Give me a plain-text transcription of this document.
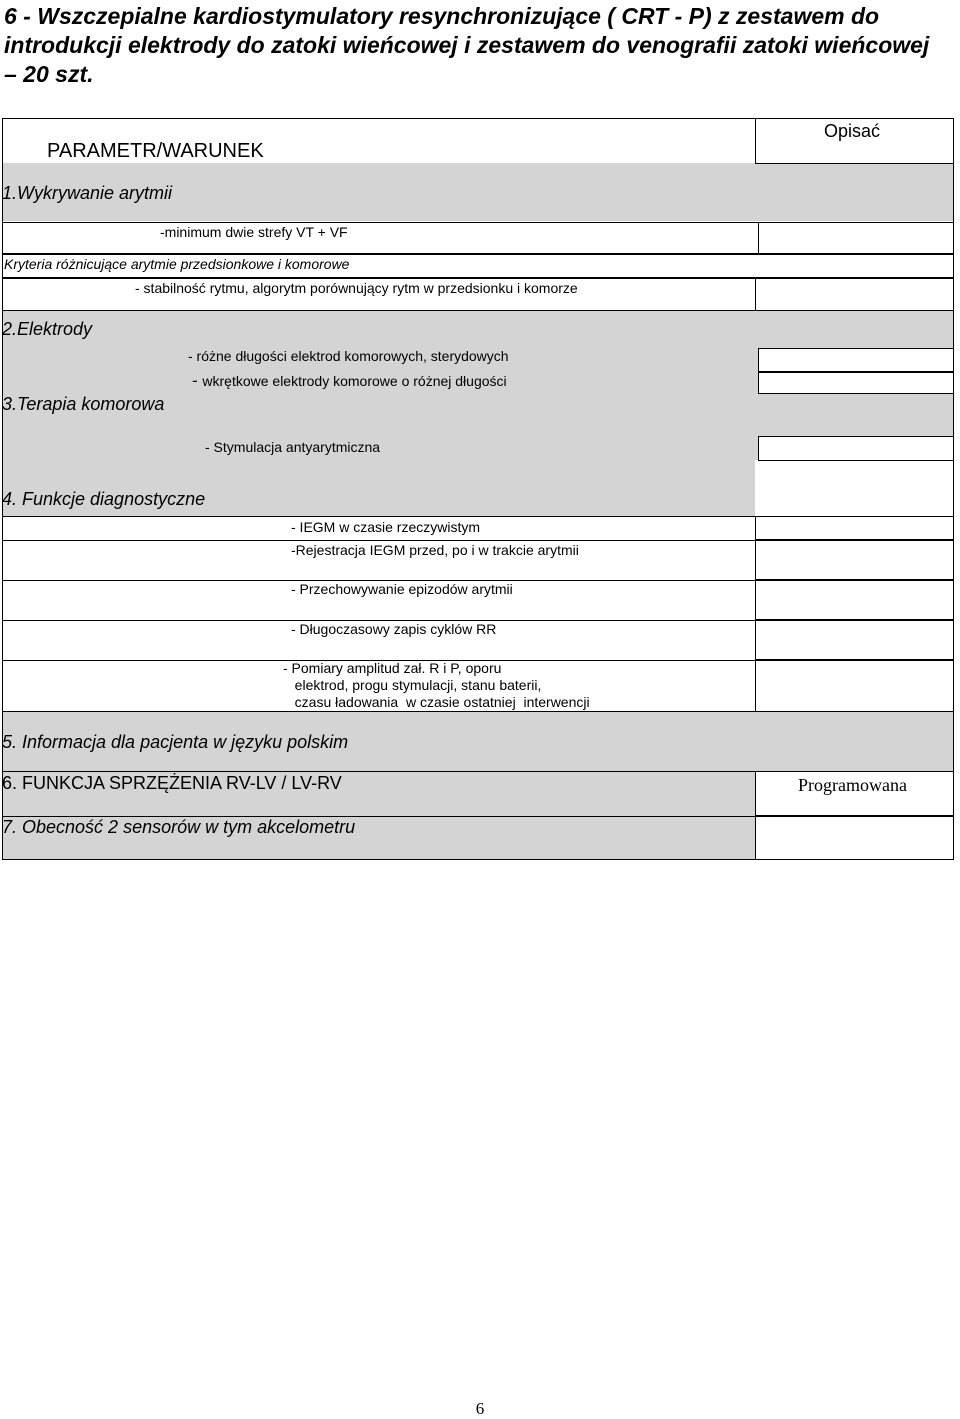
6 - Wszczepialne kardiostymulatory resynchronizujące ( CRT - P) z zestawem do introdukcji elektrody do zatoki wieńcowej i zestawem do venografii zatoki wieńcowej – 20 szt.
PARAMETR/WARUNEK
Opisać
1.Wykrywanie arytmii
-minimum dwie strefy VT + VF
Kryteria różnicujące arytmie przedsionkowe i komorowe
- stabilność rytmu, algorytm porównujący rytm w przedsionku i komorze
2.Elektrody
- różne długości elektrod komorowych, sterydowych
- wkrętkowe elektrody komorowe o różnej długości
3.Terapia komorowa
- Stymulacja antyarytmiczna
4. Funkcje diagnostyczne
- IEGM w czasie rzeczywistym
-Rejestracja IEGM przed, po i w trakcie arytmii
- Przechowywanie epizodów arytmii
- Długoczasowy zapis cyklów RR
- Pomiary amplitud zał. R i P, oporu
elektrod, progu stymulacji, stanu baterii,
czasu ładowania  w czasie ostatniej  interwencji
5. Informacja dla pacjenta w języku polskim
6. FUNKCJA SPRZĘŻENIA RV-LV / LV-RV	Programowana
7. Obecność 2 sensorów w tym akcelometru
6
